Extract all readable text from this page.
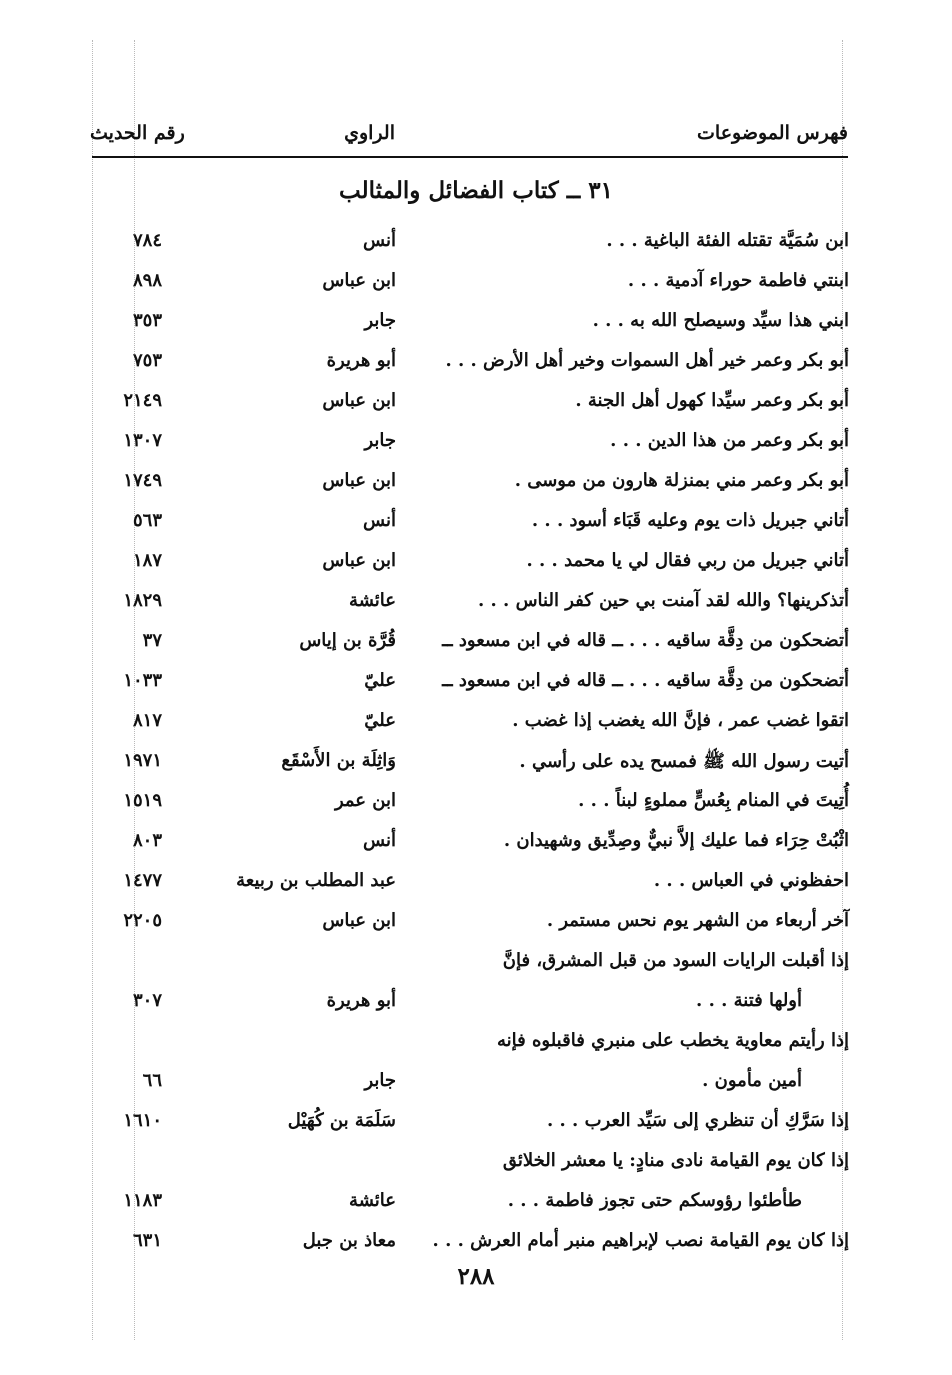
فهرس الموضوعات
الراوي
رقم الحديث
٣١ ــ كتاب الفضائل والمثالب
ابن سُمَيَّة تقتله الفئة الباغية . . .
أنس
٧٨٤
ابنتي فاطمة حوراء آدمية . . .
ابن عباس
٨٩٨
ابني هذا سيِّد وسيصلح الله به . . .
جابر
٣٥٣
أبو بكر وعمر خير أهل السموات وخير أهل الأرض . . .
أبو هريرة
٧٥٣
أبو بكر وعمر سيِّدا كهول أهل الجنة .
ابن عباس
٢١٤٩
أبو بكر وعمر من هذا الدين . . .
جابر
١٣٠٧
أبو بكر وعمر مني بمنزلة هارون من موسى .
ابن عباس
١٧٤٩
أتاني جبريل ذات يوم وعليه قَبَاء أسود . . .
أنس
٥٦٣
أتاني جبريل من ربي فقال لي يا محمد . . .
ابن عباس
١٨٧
أتذكرينها؟ والله لقد آمنت بي حين كفر الناس . . .
عائشة
١٨٢٩
أتضحكون من دِقَّة ساقيه . . . ــ قاله في ابن مسعود ــ
قُرَّة بن إياس
٣٧
أتضحكون من دِقَّة ساقيه . . . ــ قاله في ابن مسعود ــ
عليّ
١٠٣٣
اتقوا غضب عمر ، فإنَّ الله يغضب إذا غضب .
عليّ
٨١٧
أتيت رسول الله ﷺ فمسح يده على رأسي .
وَاثِلَة بن الأَسْقَع
١٩٧١
أُتِيتَ في المنام بِعُسٍّ مملوءٍ لبناً . . .
ابن عمر
١٥١٩
اثْبُتْ حِرَاء فما عليك إلاَّ نبيٌّ وصِدِّيق وشهيدان .
أنس
٨٠٣
احفظوني في العباس . . .
عبد المطلب بن ربيعة
١٤٧٧
آخر أربعاء من الشهر يوم نحس مستمر .
ابن عباس
٢٢٠٥
إذا أقبلت الرايات السود من قبل المشرق، فإنَّ
أولها فتنة . . .
أبو هريرة
٣٠٧
إذا رأيتم معاوية يخطب على منبري فاقبلوه فإنه
أمين مأمون .
جابر
٦٦
إذا سَرَّكِ أن تنظري إلى سَيِّد العرب . . .
سَلَمَة بن كُهَيْل
١٦١٠
إذا كان يوم القيامة نادى منادٍ: يا معشر الخلائق
طأطئوا رؤوسكم حتى تجوز فاطمة . . .
عائشة
١١٨٣
إذا كان يوم القيامة نصب لإبراهيم منبر أمام العرش . . .
معاذ بن جبل
٦٣١
٢٨٨
